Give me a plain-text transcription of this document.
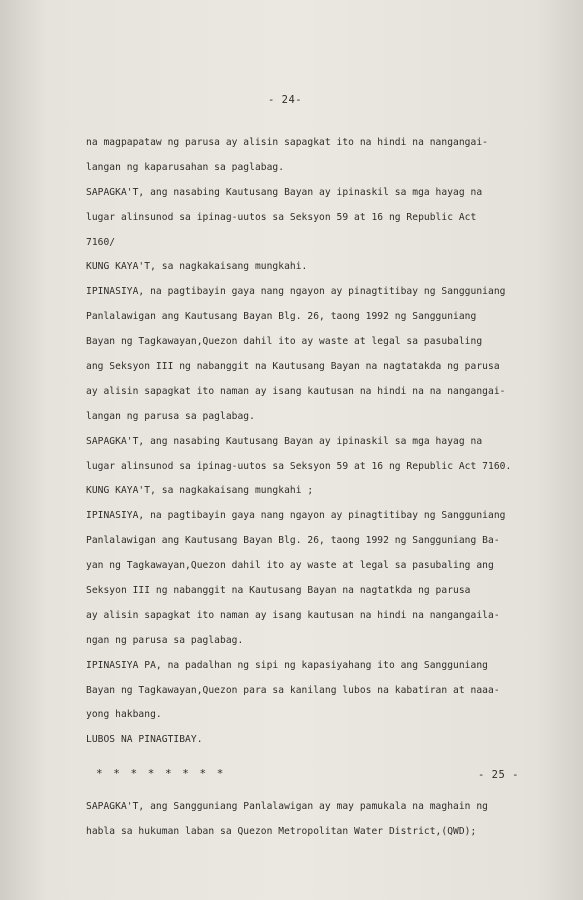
- 24-
na magpapataw ng parusa ay alisin sapagkat ito na hindi na nangangai-
langan ng kaparusahan sa paglabag.
SAPAGKA'T, ang nasabing Kautusang Bayan ay ipinaskil sa mga hayag na
lugar alinsunod sa ipinag-uutos sa Seksyon 59 at 16 ng Republic Act
7160/
KUNG KAYA'T, sa nagkakaisang mungkahi.
IPINASIYA, na pagtibayin gaya nang ngayon ay pinagtitibay ng Sangguniang
Panlalawigan ang Kautusang Bayan Blg. 26, taong 1992 ng Sangguniang
Bayan ng Tagkawayan,Quezon dahil ito ay waste at legal sa pasubaling
ang Seksyon III ng nabanggit na Kautusang Bayan na nagtatakda ng parusa
ay alisin sapagkat ito naman ay isang kautusan na hindi na na nangangai-
langan ng parusa sa paglabag.
SAPAGKA'T, ang nasabing Kautusang Bayan ay ipinaskil sa mga hayag na
lugar alinsunod sa ipinag-uutos sa Seksyon 59 at 16 ng Republic Act 7160.
KUNG KAYA'T, sa nagkakaisang mungkahi ;
IPINASIYA, na pagtibayin gaya nang ngayon ay pinagtitibay ng Sangguniang
Panlalawigan ang Kautusang Bayan Blg. 26, taong 1992 ng Sangguniang Ba-
yan ng Tagkawayan,Quezon dahil ito ay waste at legal sa pasubaling ang
Seksyon III ng nabanggit na Kautusang Bayan na nagtatkda ng parusa
ay alisin sapagkat ito naman ay isang kautusan na hindi na nangangaila-
ngan ng parusa sa paglabag.
IPINASIYA PA, na padalhan ng sipi ng kapasiyahang ito ang Sangguniang
Bayan ng Tagkawayan,Quezon para sa kanilang lubos na kabatiran at naaa-
yong hakbang.
LUBOS NA PINAGTIBAY.
* * * * * * * *	- 25 -
SAPAGKA'T, ang Sangguniang Panlalawigan ay may pamukala na maghain ng
habla sa hukuman laban sa Quezon Metropolitan Water District,(QWD);
